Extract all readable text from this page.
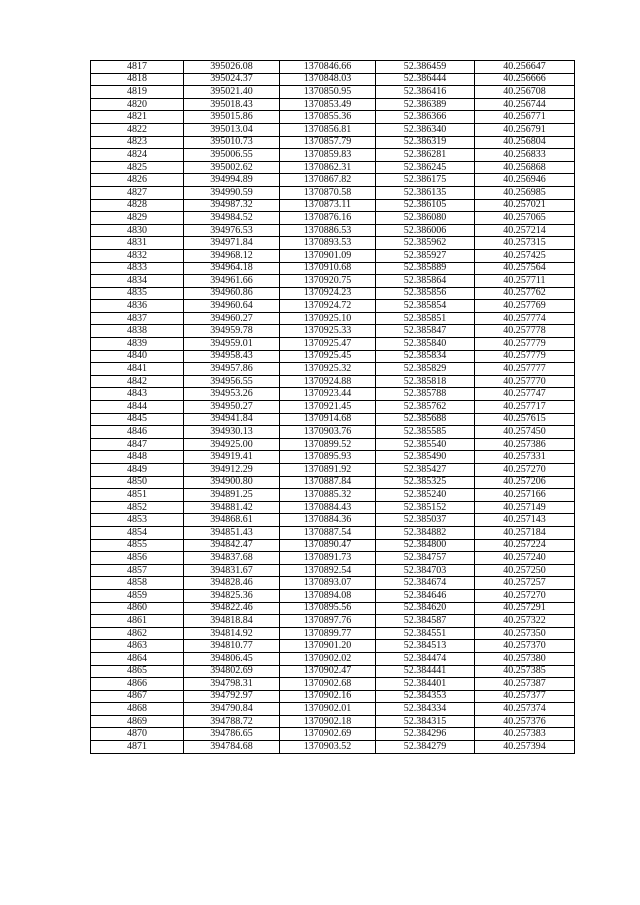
4817	395026.08	1370846.66	52.386459	40.256647
4818	395024.37	1370848.03	52.386444	40.256666
4819	395021.40	1370850.95	52.386416	40.256708
4820	395018.43	1370853.49	52.386389	40.256744
4821	395015.86	1370855.36	52.386366	40.256771
4822	395013.04	1370856.81	52.386340	40.256791
4823	395010.73	1370857.79	52.386319	40.256804
4824	395006.55	1370859.83	52.386281	40.256833
4825	395002.62	1370862.31	52.386245	40.256868
4826	394994.89	1370867.82	52.386175	40.256946
4827	394990.59	1370870.58	52.386135	40.256985
4828	394987.32	1370873.11	52.386105	40.257021
4829	394984.52	1370876.16	52.386080	40.257065
4830	394976.53	1370886.53	52.386006	40.257214
4831	394971.84	1370893.53	52.385962	40.257315
4832	394968.12	1370901.09	52.385927	40.257425
4833	394964.18	1370910.68	52.385889	40.257564
4834	394961.66	1370920.75	52.385864	40.257711
4835	394960.86	1370924.23	52.385856	40.257762
4836	394960.64	1370924.72	52.385854	40.257769
4837	394960.27	1370925.10	52.385851	40.257774
4838	394959.78	1370925.33	52.385847	40.257778
4839	394959.01	1370925.47	52.385840	40.257779
4840	394958.43	1370925.45	52.385834	40.257779
4841	394957.86	1370925.32	52.385829	40.257777
4842	394956.55	1370924.88	52.385818	40.257770
4843	394953.26	1370923.44	52.385788	40.257747
4844	394950.27	1370921.45	52.385762	40.257717
4845	394941.84	1370914.68	52.385688	40.257615
4846	394930.13	1370903.76	52.385585	40.257450
4847	394925.00	1370899.52	52.385540	40.257386
4848	394919.41	1370895.93	52.385490	40.257331
4849	394912.29	1370891.92	52.385427	40.257270
4850	394900.80	1370887.84	52.385325	40.257206
4851	394891.25	1370885.32	52.385240	40.257166
4852	394881.42	1370884.43	52.385152	40.257149
4853	394868.61	1370884.36	52.385037	40.257143
4854	394851.43	1370887.54	52.384882	40.257184
4855	394842.47	1370890.47	52.384800	40.257224
4856	394837.68	1370891.73	52.384757	40.257240
4857	394831.67	1370892.54	52.384703	40.257250
4858	394828.46	1370893.07	52.384674	40.257257
4859	394825.36	1370894.08	52.384646	40.257270
4860	394822.46	1370895.56	52.384620	40.257291
4861	394818.84	1370897.76	52.384587	40.257322
4862	394814.92	1370899.77	52.384551	40.257350
4863	394810.77	1370901.20	52.384513	40.257370
4864	394806.45	1370902.02	52.384474	40.257380
4865	394802.69	1370902.47	52.384441	40.257385
4866	394798.31	1370902.68	52.384401	40.257387
4867	394792.97	1370902.16	52.384353	40.257377
4868	394790.84	1370902.01	52.384334	40.257374
4869	394788.72	1370902.18	52.384315	40.257376
4870	394786.65	1370902.69	52.384296	40.257383
4871	394784.68	1370903.52	52.384279	40.257394
